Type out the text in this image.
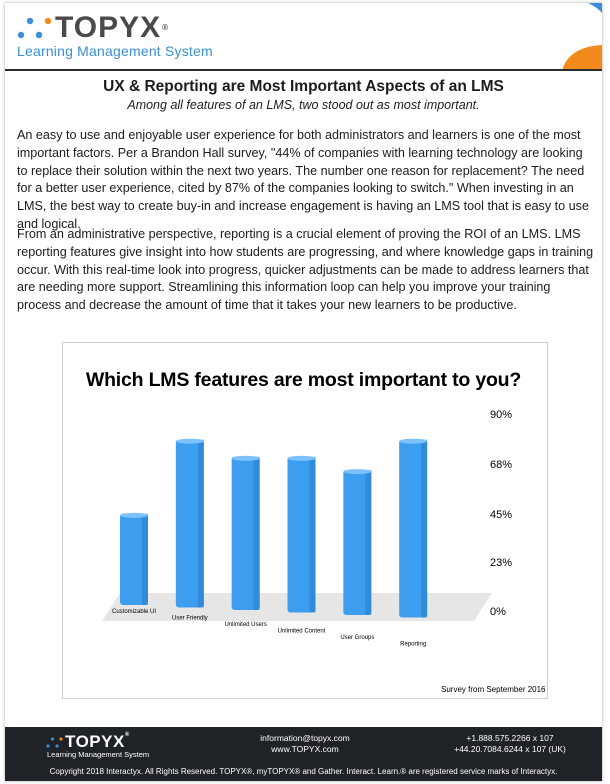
TOPYX®
Learning Management System
UX & Reporting are Most Important Aspects of an LMS
Among all features of an LMS, two stood out as most important.

An easy to use and enjoyable user experience for both administrators and learners is one of the most important factors. Per a Brandon Hall survey, "44% of companies with learning technology are looking to replace their solution within the next two years. The number one reason for replacement? The need for a better user experience, cited by 87% of the companies looking to switch." When investing in an LMS, the best way to create buy-in and increase engagement is having an LMS tool that is easy to use and logical.

From an administrative perspective, reporting is a crucial element of proving the ROI of an LMS. LMS reporting features give insight into how students are progressing, and where knowledge gaps in training occur. With this real-time look into progress, quicker adjustments can be made to address learners that are needing more support. Streamlining this information loop can help you improve your training process and decrease the amount of time that it takes your new learners to be productive.

Which LMS features are most important to you?
0%
23%
45%
68%
90%
Customizable UI
User Friendly
Unlimited Users
Unlimited Content
User Groups
Reporting
Survey from September 2016
TOPYX®
Learning Management System
information@topyx.com
www.TOPYX.com
+1.888.575.2266 x 107
+44.20.7084.6244 x 107 (UK)
Copyright 2018 Interactyx. All Rights Reserved. TOPYX®, myTOPYX® and Gather. Interact. Learn.® are registered service marks of Interactyx.
